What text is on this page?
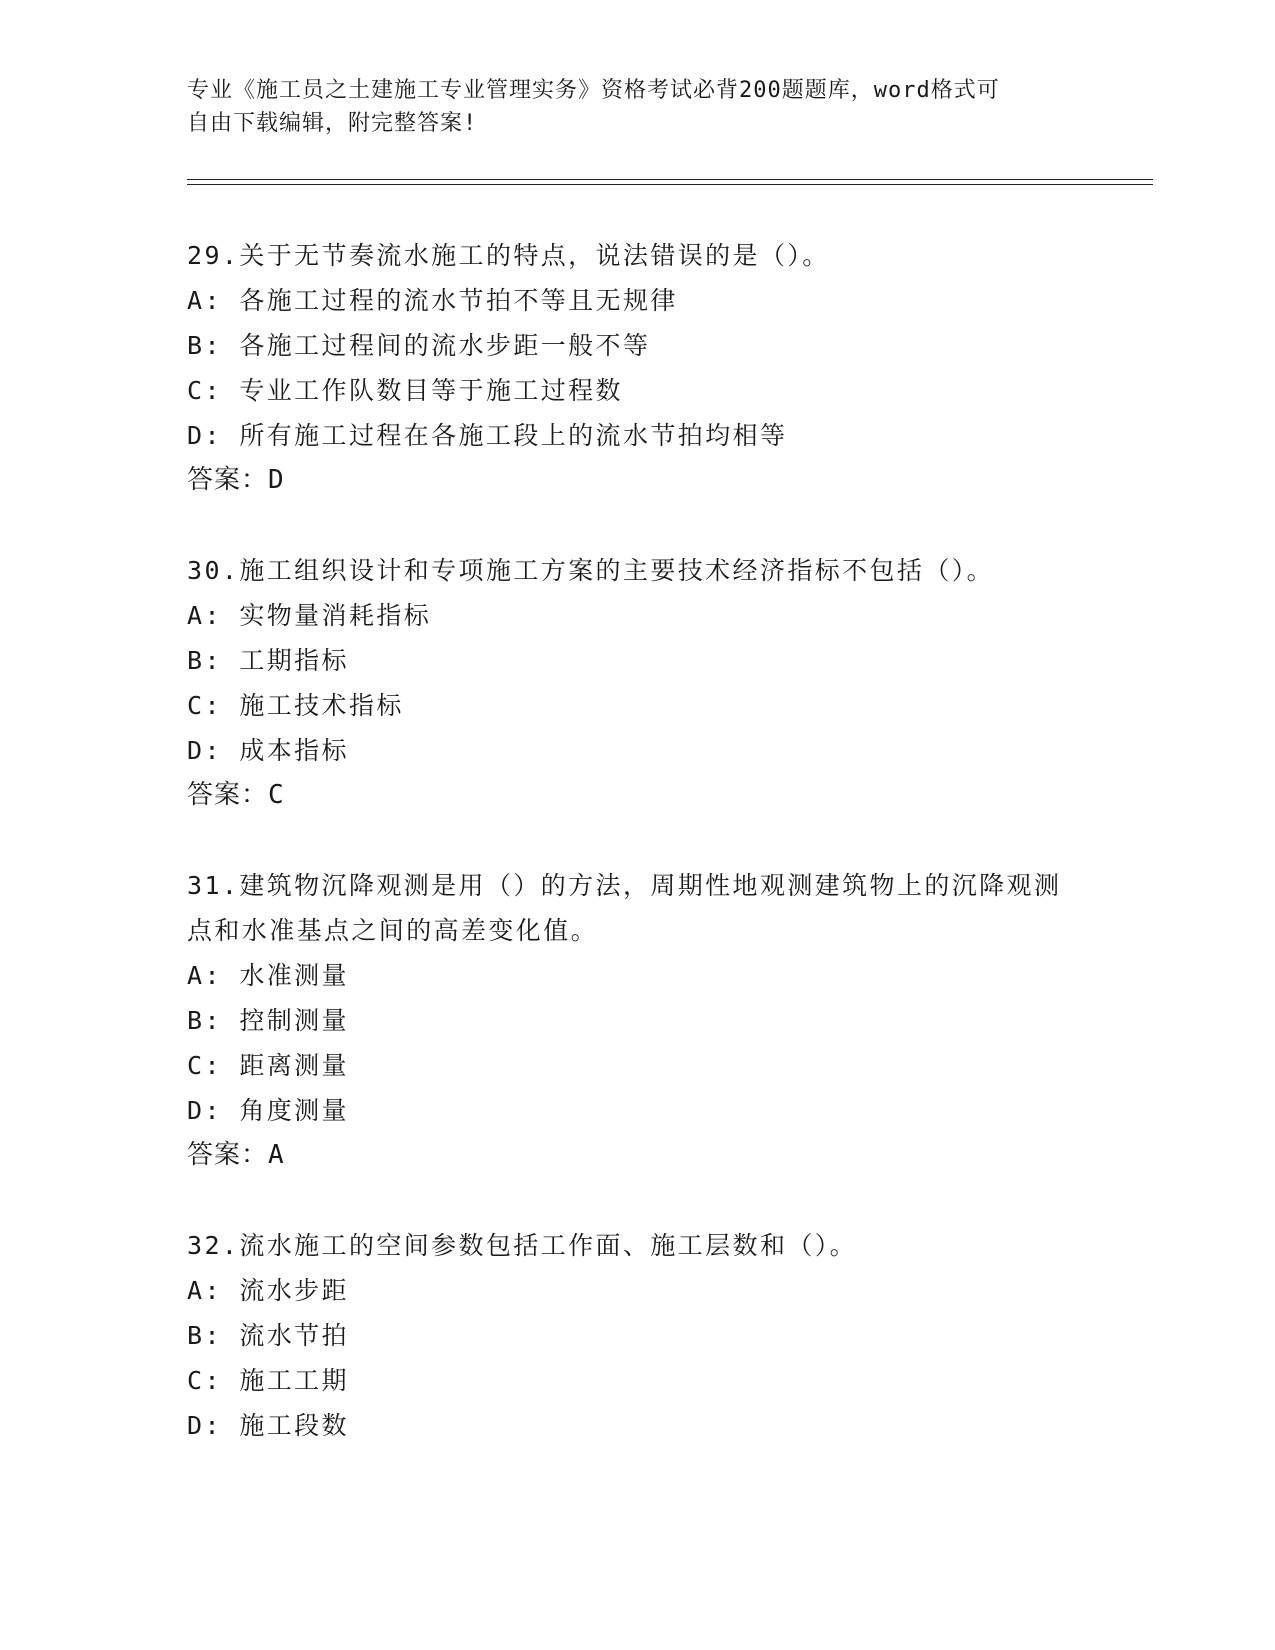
专业《施工员之土建施工专业管理实务》资格考试必背200题题库，word格式可
自由下载编辑，附完整答案!
29.关于无节奏流水施工的特点，说法错误的是（）。
A: 各施工过程的流水节拍不等且无规律
B: 各施工过程间的流水步距一般不等
C: 专业工作队数目等于施工过程数
D: 所有施工过程在各施工段上的流水节拍均相等
答案：D
30.施工组织设计和专项施工方案的主要技术经济指标不包括（）。
A: 实物量消耗指标
B: 工期指标
C: 施工技术指标
D: 成本指标
答案：C
31.建筑物沉降观测是用（）的方法，周期性地观测建筑物上的沉降观测点和水准基点之间的高差变化值。
A: 水准测量
B: 控制测量
C: 距离测量
D: 角度测量
答案：A
32.流水施工的空间参数包括工作面、施工层数和（）。
A: 流水步距
B: 流水节拍
C: 施工工期
D: 施工段数
